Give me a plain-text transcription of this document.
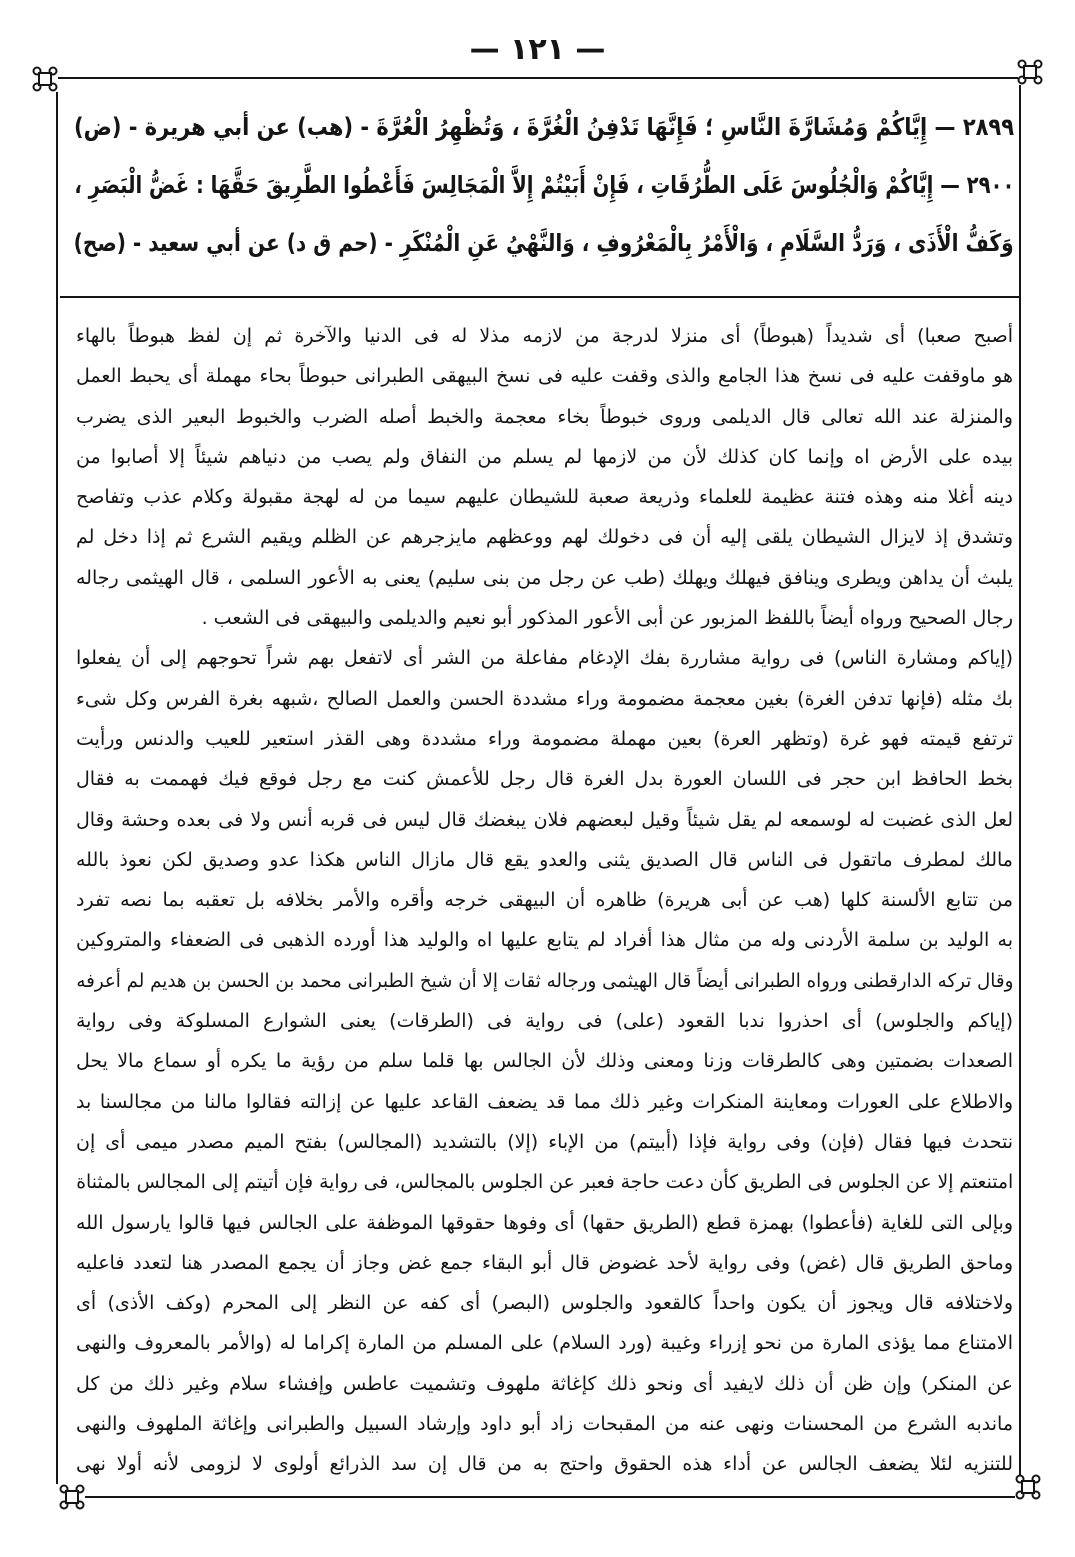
— ١٢١ —
٢٨٩٩ — إِيَّاكُمْ وَمُشَارَّةَ النَّاسِ ؛ فَإِنَّهَا تَدْفِنُ الْغُرَّةَ ، وَتُظْهِرُ الْعُرَّةَ - (هب) عن أبي هريرة - (ض)
٢٩٠٠ — إِيَّاكُمْ وَالْجُلُوسَ عَلَى الطُّرُقَاتِ ، فَإِنْ أَبَيْتُمْ إِلاَّ الْمَجَالِسَ فَأَعْطُوا الطَّرِيقَ حَقَّهَا : غَضُّ الْبَصَرِ ،
وَكَفُّ الْأَذَى ، وَرَدُّ السَّلَامِ ، وَالْأَمْرُ بِالْمَعْرُوفِ ، وَالنَّهْيُ عَنِ الْمُنْكَرِ - (حم ق د) عن أبي سعيد - (صح)
أصبح صعبا) أى شديداً (هبوطاً) أى منزلا لدرجة من لازمه مذلا له فى الدنيا والآخرة ثم إن لفظ هبوطاً بالهاء
هو ماوقفت عليه فى نسخ هذا الجامع والذى وقفت عليه فى نسخ البيهقى الطبرانى حبوطاً بحاء مهملة أى يحبط العمل
والمنزلة عند الله تعالى قال الديلمى وروى خبوطاً بخاء معجمة والخبط أصله الضرب والخبوط البعير الذى يضرب
بيده على الأرض اه وإنما كان كذلك لأن من لازمها لم يسلم من النفاق ولم يصب من دنياهم شيئاً إلا أصابوا من
دينه أغلا منه وهذه فتنة عظيمة للعلماء وذريعة صعبة للشيطان عليهم سيما من له لهجة مقبولة وكلام عذب وتفاصح
وتشدق إذ لايزال الشيطان يلقى إليه أن فى دخولك لهم ووعظهم مايزجرهم عن الظلم ويقيم الشرع ثم إذا دخل لم
يلبث أن يداهن ويطرى وينافق فيهلك ويهلك (طب عن رجل من بنى سليم) يعنى به الأعور السلمى ، قال الهيثمى رجاله
رجال الصحيح ورواه أيضاً باللفظ المزبور عن أبى الأعور المذكور أبو نعيم والديلمى والبيهقى فى الشعب .
(إياكم ومشارة الناس) فى رواية مشاررة بفك الإدغام مفاعلة من الشر أى لاتفعل بهم شراً تحوجهم إلى أن يفعلوا
بك مثله (فإنها تدفن الغرة) بغين معجمة مضمومة وراء مشددة الحسن والعمل الصالح ،شبهه بغرة الفرس وكل شىء
ترتفع قيمته فهو غرة (وتظهر العرة) بعين مهملة مضمومة وراء مشددة وهى القذر استعير للعيب والدنس ورأيت
بخط الحافظ ابن حجر فى اللسان العورة بدل الغرة قال رجل للأعمش كنت مع رجل فوقع فيك فهممت به فقال
لعل الذى غضبت له لوسمعه لم يقل شيئاً وقيل لبعضهم فلان يبغضك قال ليس فى قربه أنس ولا فى بعده وحشة وقال
مالك لمطرف ماتقول فى الناس قال الصديق يثنى والعدو يقع قال مازال الناس هكذا عدو وصديق لكن نعوذ بالله
من تتابع الألسنة كلها (هب عن أبى هريرة) ظاهره أن البيهقى خرجه وأقره والأمر بخلافه بل تعقبه بما نصه تفرد
به الوليد بن سلمة الأردنى وله من مثال هذا أفراد لم يتابع عليها اه والوليد هذا أورده الذهبى فى الضعفاء والمتروكين
وقال تركه الدارقطنى ورواه الطبرانى أيضاً قال الهيثمى ورجاله ثقات إلا أن شيخ الطبرانى محمد بن الحسن بن هديم لم أعرفه
(إياكم والجلوس) أى احذروا ندبا القعود (على) فى رواية فى (الطرقات) يعنى الشوارع المسلوكة وفى رواية
الصعدات بضمتين وهى كالطرقات وزنا ومعنى وذلك لأن الجالس بها قلما سلم من رؤية ما يكره أو سماع مالا يحل
والاطلاع على العورات ومعاينة المنكرات وغير ذلك مما قد يضعف القاعد عليها عن إزالته فقالوا مالنا من مجالسنا بد
نتحدث فيها فقال (فإن) وفى رواية فإذا (أبيتم) من الإباء (إلا) بالتشديد (المجالس) بفتح الميم مصدر ميمى أى إن
امتنعتم إلا عن الجلوس فى الطريق كأن دعت حاجة فعبر عن الجلوس بالمجالس، فى رواية فإن أتيتم إلى المجالس بالمثناة
وبإلى التى للغاية (فأعطوا) بهمزة قطع (الطريق حقها) أى وفوها حقوقها الموظفة على الجالس فيها قالوا يارسول الله
وماحق الطريق قال (غض) وفى رواية لأحد غضوض قال أبو البقاء جمع غض وجاز أن يجمع المصدر هنا لتعدد فاعليه
ولاختلافه قال ويجوز أن يكون واحداً كالقعود والجلوس (البصر) أى كفه عن النظر إلى المحرم (وكف الأذى) أى
الامتناع مما يؤذى المارة من نحو إزراء وغيبة (ورد السلام) على المسلم من المارة إكراما له (والأمر بالمعروف والنهى
عن المنكر) وإن ظن أن ذلك لايفيد أى ونحو ذلك كإغاثة ملهوف وتشميت عاطس وإفشاء سلام وغير ذلك من كل
ماندبه الشرع من المحسنات ونهى عنه من المقبحات زاد أبو داود وإرشاد السبيل والطبرانى وإغاثة الملهوف والنهى
للتنزيه لئلا يضعف الجالس عن أداء هذه الحقوق واحتج به من قال إن سد الذرائع أولوى لا لزومى لأنه أولا نهى
